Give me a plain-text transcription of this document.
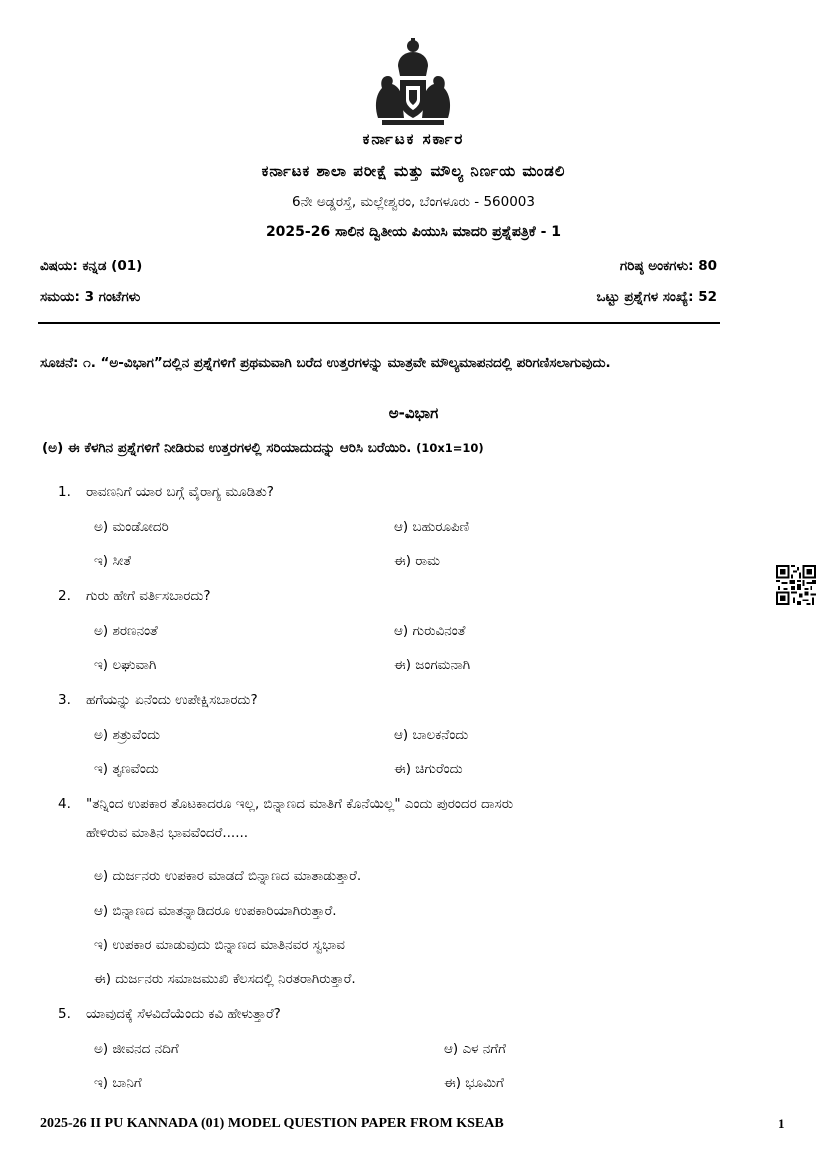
ಕರ್ನಾಟಕ ಸರ್ಕಾರ
ಕರ್ನಾಟಕ ಶಾಲಾ ಪರೀಕ್ಷೆ ಮತ್ತು ಮೌಲ್ಯ ನಿರ್ಣಯ ಮಂಡಲಿ
6ನೇ ಅಡ್ಡರಸ್ತೆ, ಮಲ್ಲೇಶ್ವರಂ, ಬೆಂಗಳೂರು - 560003
2025-26 ಸಾಲಿನ ದ್ವಿತೀಯ ಪಿಯುಸಿ ಮಾದರಿ ಪ್ರಶ್ನೆಪತ್ರಿಕೆ - 1
ವಿಷಯ: ಕನ್ನಡ (01)	ಗರಿಷ್ಠ ಅಂಕಗಳು: 80
ಸಮಯ: 3 ಗಂಟೆಗಳು	ಒಟ್ಟು ಪ್ರಶ್ನೆಗಳ ಸಂಖ್ಯೆ: 52
ಸೂಚನೆ: ೧. “ಅ-ವಿಭಾಗ”ದಲ್ಲಿನ ಪ್ರಶ್ನೆಗಳಿಗೆ ಪ್ರಥಮವಾಗಿ ಬರೆದ ಉತ್ತರಗಳನ್ನು ಮಾತ್ರವೇ ಮೌಲ್ಯಮಾಪನದಲ್ಲಿ ಪರಿಗಣಿಸಲಾಗುವುದು.
ಅ-ವಿಭಾಗ
(ಅ) ಈ ಕೆಳಗಿನ ಪ್ರಶ್ನೆಗಳಿಗೆ ನೀಡಿರುವ ಉತ್ತರಗಳಲ್ಲಿ ಸರಿಯಾದುದನ್ನು ಆರಿಸಿ ಬರೆಯಿರಿ. (10x1=10)
1. ರಾವಣನಿಗೆ ಯಾರ ಬಗ್ಗೆ ವೈರಾಗ್ಯ ಮೂಡಿತು?
ಅ) ಮಂಡೋದರಿ	ಆ) ಬಹುರೂಪಿಣಿ
ಇ) ಸೀತೆ	ಈ) ರಾಮ
2. ಗುರು ಹೇಗೆ ವರ್ತಿಸಬಾರದು?
ಅ) ಶರಣನಂತೆ	ಆ) ಗುರುವಿನಂತೆ
ಇ) ಲಘುವಾಗಿ	ಈ) ಜಂಗಮನಾಗಿ
3. ಹಗೆಯನ್ನು ಏನೆಂದು ಉಪೇಕ್ಷಿಸಬಾರದು?
ಅ) ಶತ್ರುವೆಂದು	ಆ) ಬಾಲಕನೆಂದು
ಇ) ತೃಣವೆಂದು	ಈ) ಚಿಗುರೆಂದು
4. "ತನ್ನಿಂದ ಉಪಕಾರ ತೊಟಕಾದರೂ ಇಲ್ಲ, ಬಿನ್ನಾಣದ ಮಾತಿಗೆ ಕೊನೆಯಿಲ್ಲ" ಎಂದು ಪುರಂದರ ದಾಸರು
ಹೇಳಿರುವ ಮಾತಿನ ಭಾವವೆಂದರೆ......
ಅ) ದುರ್ಜನರು ಉಪಕಾರ ಮಾಡದೆ ಬಿನ್ನಾಣದ ಮಾತಾಡುತ್ತಾರೆ.
ಆ) ಬಿನ್ನಾಣದ ಮಾತನ್ನಾಡಿದರೂ ಉಪಕಾರಿಯಾಗಿರುತ್ತಾರೆ.
ಇ) ಉಪಕಾರ ಮಾಡುವುದು ಬಿನ್ನಾಣದ ಮಾತಿನವರ ಸ್ವಭಾವ
ಈ) ದುರ್ಜನರು ಸಮಾಜಮುಖಿ ಕೆಲಸದಲ್ಲಿ ನಿರತರಾಗಿರುತ್ತಾರೆ.
5. ಯಾವುದಕ್ಕೆ ಸೆಳವಿದೆಯೆಂದು ಕವಿ ಹೇಳುತ್ತಾರೆ?
ಅ) ಜೀವನದ ನದಿಗೆ	ಆ) ಎಳ ನಗೆಗೆ
ಇ) ಬಾನಿಗೆ	ಈ) ಭೂಮಿಗೆ
2025-26 II PU KANNADA (01) MODEL QUESTION PAPER FROM KSEAB	1
